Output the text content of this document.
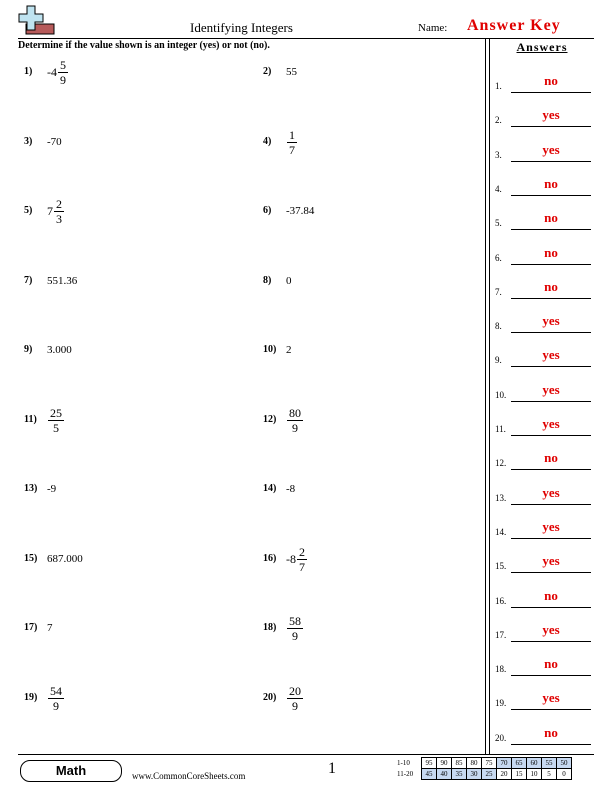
Identifying Integers	Name: Answer Key
Determine if the value shown is an integer (yes) or not (no).	Answers
1) $-4 \frac{5}{9}$	2) 55
3) -70	$4) \frac{1}{7}$
5) $7 \frac{2}{3}$	6) -37.84
7) 551.36	8) 0
9) 3.000	10) 2
$11) \frac{25}{5}$	$12) \frac{80}{9}$
13) -9	14) -8
15) 687.000	16) $-8 \frac{2}{7}$
17) 7	$18) \frac{58}{9}$
$19) \frac{54}{9}$	$20) \frac{20}{9}$
1.	no
2.	yes
3.	yes
4.	no
5.	no
6.	no
7.	no
8.	yes
9.	yes
10.	yes
11.	yes
12.	no
13.	yes
14.	yes
15.	yes
16.	no
17.	yes
18.	no
19.	yes
20.	no
Math	www.CommonCoreSheets.com	1	1-10	95	90	85	80	75	70	65	60	55	50
11-20	45	40	35	30	25	20	15	10	5	0
